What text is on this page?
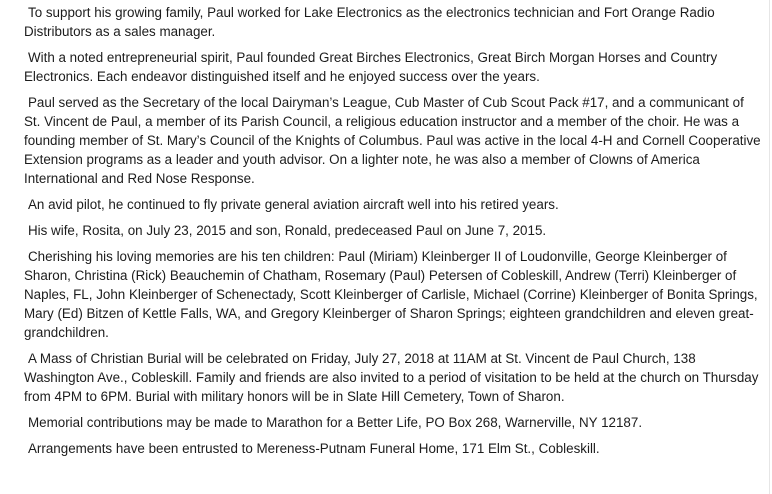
To support his growing family, Paul worked for Lake Electronics as the electronics technician and Fort Orange Radio Distributors as a sales manager.

With a noted entrepreneurial spirit, Paul founded Great Birches Electronics, Great Birch Morgan Horses and Country Electronics. Each endeavor distinguished itself and he enjoyed success over the years.

Paul served as the Secretary of the local Dairyman’s League, Cub Master of Cub Scout Pack #17, and a communicant of St. Vincent de Paul, a member of its Parish Council, a religious education instructor and a member of the choir. He was a founding member of St. Mary’s Council of the Knights of Columbus. Paul was active in the local 4-H and Cornell Cooperative Extension programs as a leader and youth advisor. On a lighter note, he was also a member of Clowns of America International and Red Nose Response.

An avid pilot, he continued to fly private general aviation aircraft well into his retired years.

His wife, Rosita, on July 23, 2015 and son, Ronald, predeceased Paul on June 7, 2015.

Cherishing his loving memories are his ten children: Paul (Miriam) Kleinberger II of Loudonville, George Kleinberger of Sharon, Christina (Rick) Beauchemin of Chatham, Rosemary (Paul) Petersen of Cobleskill, Andrew (Terri) Kleinberger of Naples, FL, John Kleinberger of Schenectady, Scott Kleinberger of Carlisle, Michael (Corrine) Kleinberger of Bonita Springs, Mary (Ed) Bitzen of Kettle Falls, WA, and Gregory Kleinberger of Sharon Springs; eighteen grandchildren and eleven great-grandchildren.

A Mass of Christian Burial will be celebrated on Friday, July 27, 2018 at 11AM at St. Vincent de Paul Church, 138 Washington Ave., Cobleskill. Family and friends are also invited to a period of visitation to be held at the church on Thursday from 4PM to 6PM. Burial with military honors will be in Slate Hill Cemetery, Town of Sharon.

Memorial contributions may be made to Marathon for a Better Life, PO Box 268, Warnerville, NY 12187.

Arrangements have been entrusted to Mereness-Putnam Funeral Home, 171 Elm St., Cobleskill.
